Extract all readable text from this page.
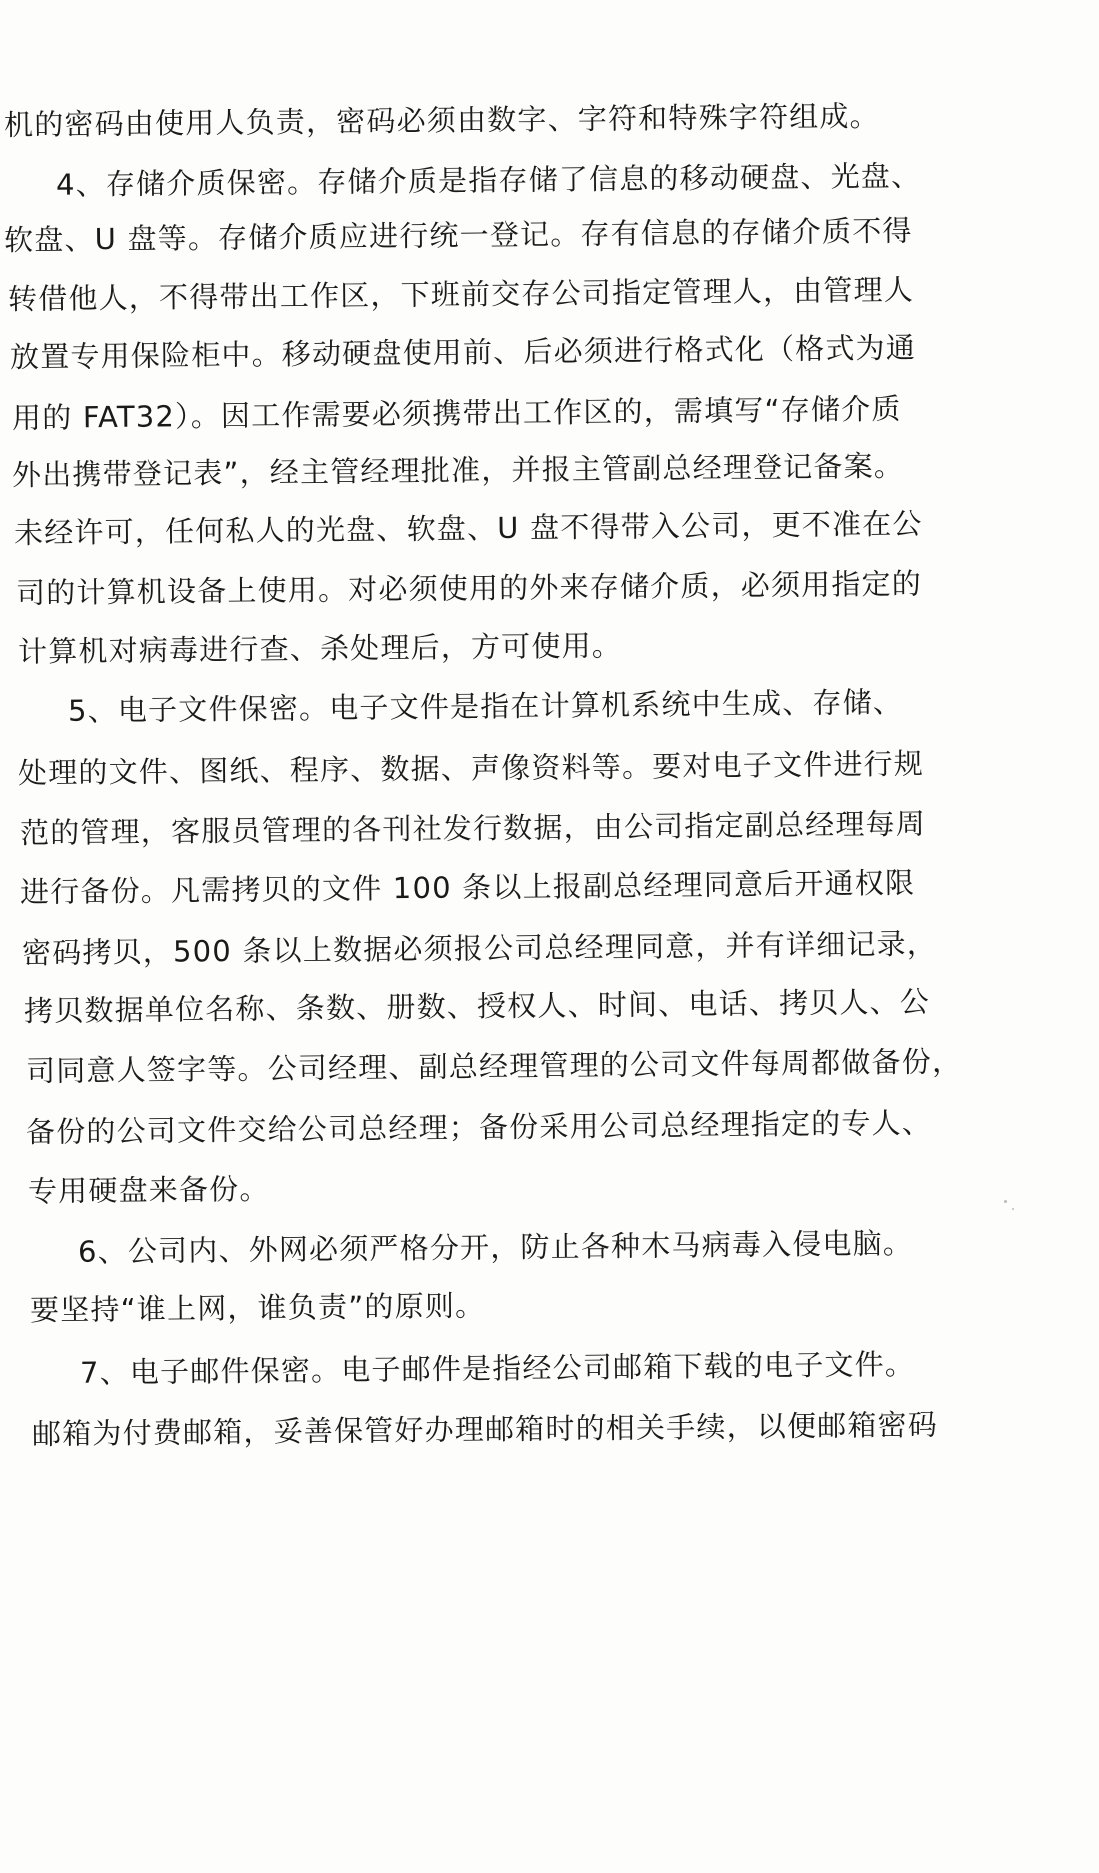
机的密码由使用人负责，密码必须由数字、字符和特殊字符组成。
4、存储介质保密。存储介质是指存储了信息的移动硬盘、光盘、
软盘、U 盘等。存储介质应进行统一登记。存有信息的存储介质不得
转借他人，不得带出工作区，下班前交存公司指定管理人，由管理人
放置专用保险柜中。移动硬盘使用前、后必须进行格式化（格式为通
用的 FAT32）。因工作需要必须携带出工作区的，需填写“存储介质
外出携带登记表”，经主管经理批准，并报主管副总经理登记备案。
未经许可，任何私人的光盘、软盘、U 盘不得带入公司，更不准在公
司的计算机设备上使用。对必须使用的外来存储介质，必须用指定的
计算机对病毒进行查、杀处理后，方可使用。
5、电子文件保密。电子文件是指在计算机系统中生成、存储、
处理的文件、图纸、程序、数据、声像资料等。要对电子文件进行规
范的管理，客服员管理的各刊社发行数据，由公司指定副总经理每周
进行备份。凡需拷贝的文件 100 条以上报副总经理同意后开通权限
密码拷贝，500 条以上数据必须报公司总经理同意，并有详细记录，
拷贝数据单位名称、条数、册数、授权人、时间、电话、拷贝人、公
司同意人签字等。公司经理、副总经理管理的公司文件每周都做备份，
备份的公司文件交给公司总经理；备份采用公司总经理指定的专人、
专用硬盘来备份。
6、公司内、外网必须严格分开，防止各种木马病毒入侵电脑。
要坚持“谁上网，谁负责”的原则。
7、电子邮件保密。电子邮件是指经公司邮箱下载的电子文件。
邮箱为付费邮箱，妥善保管好办理邮箱时的相关手续，以便邮箱密码
